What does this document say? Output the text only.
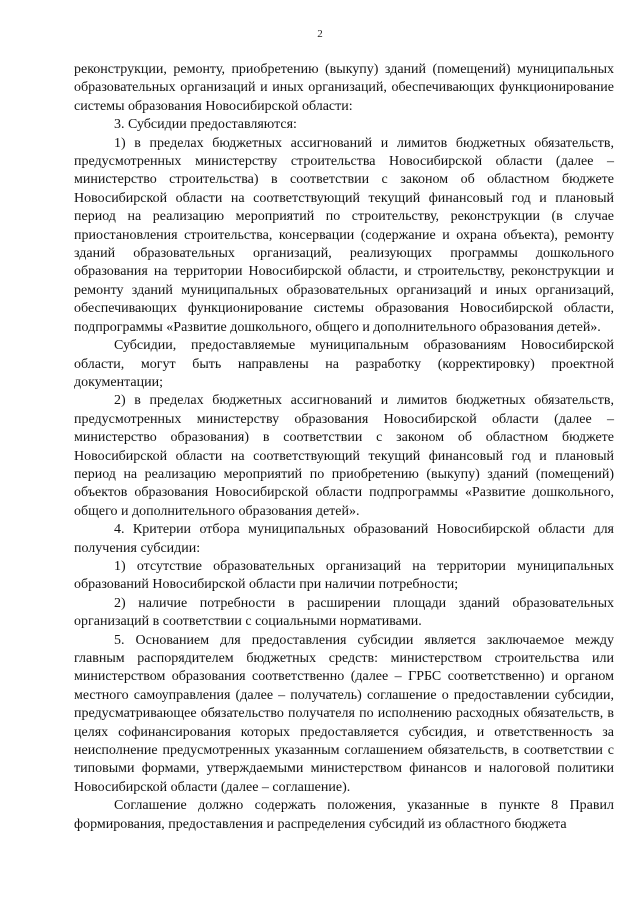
2

реконструкции, ремонту, приобретению (выкупу) зданий (помещений) муниципальных образовательных организаций и иных организаций, обеспечивающих функционирование системы образования Новосибирской области:

3. Субсидии предоставляются:

1) в пределах бюджетных ассигнований и лимитов бюджетных обязательств, предусмотренных министерству строительства Новосибирской области (далее – министерство строительства) в соответствии с законом об областном бюджете Новосибирской области на соответствующий текущий финансовый год и плановый период на реализацию мероприятий по строительству, реконструкции (в случае приостановления строительства, консервации (содержание и охрана объекта), ремонту зданий образовательных организаций, реализующих программы дошкольного образования на территории Новосибирской области, и строительству, реконструкции и ремонту зданий муниципальных образовательных организаций и иных организаций, обеспечивающих функционирование системы образования Новосибирской области, подпрограммы «Развитие дошкольного, общего и дополнительного образования детей».

Субсидии, предоставляемые муниципальным образованиям Новосибирской области, могут быть направлены на разработку (корректировку) проектной документации;

2) в пределах бюджетных ассигнований и лимитов бюджетных обязательств, предусмотренных министерству образования Новосибирской области (далее – министерство образования) в соответствии с законом об областном бюджете Новосибирской области на соответствующий текущий финансовый год и плановый период на реализацию мероприятий по приобретению (выкупу) зданий (помещений) объектов образования Новосибирской области подпрограммы «Развитие дошкольного, общего и дополнительного образования детей».

4. Критерии отбора муниципальных образований Новосибирской области для получения субсидии:

1) отсутствие образовательных организаций на территории муниципальных образований Новосибирской области при наличии потребности;

2) наличие потребности в расширении площади зданий образовательных организаций в соответствии с социальными нормативами.

5. Основанием для предоставления субсидии является заключаемое между главным распорядителем бюджетных средств: министерством строительства или министерством образования соответственно (далее – ГРБС соответственно) и органом местного самоуправления (далее – получатель) соглашение о предоставлении субсидии, предусматривающее обязательство получателя по исполнению расходных обязательств, в целях софинансирования которых предоставляется субсидия, и ответственность за неисполнение предусмотренных указанным соглашением обязательств, в соответствии с типовыми формами, утверждаемыми министерством финансов и налоговой политики Новосибирской области (далее – соглашение).

Соглашение должно содержать положения, указанные в пункте 8 Правил формирования, предоставления и распределения субсидий из областного бюджета
